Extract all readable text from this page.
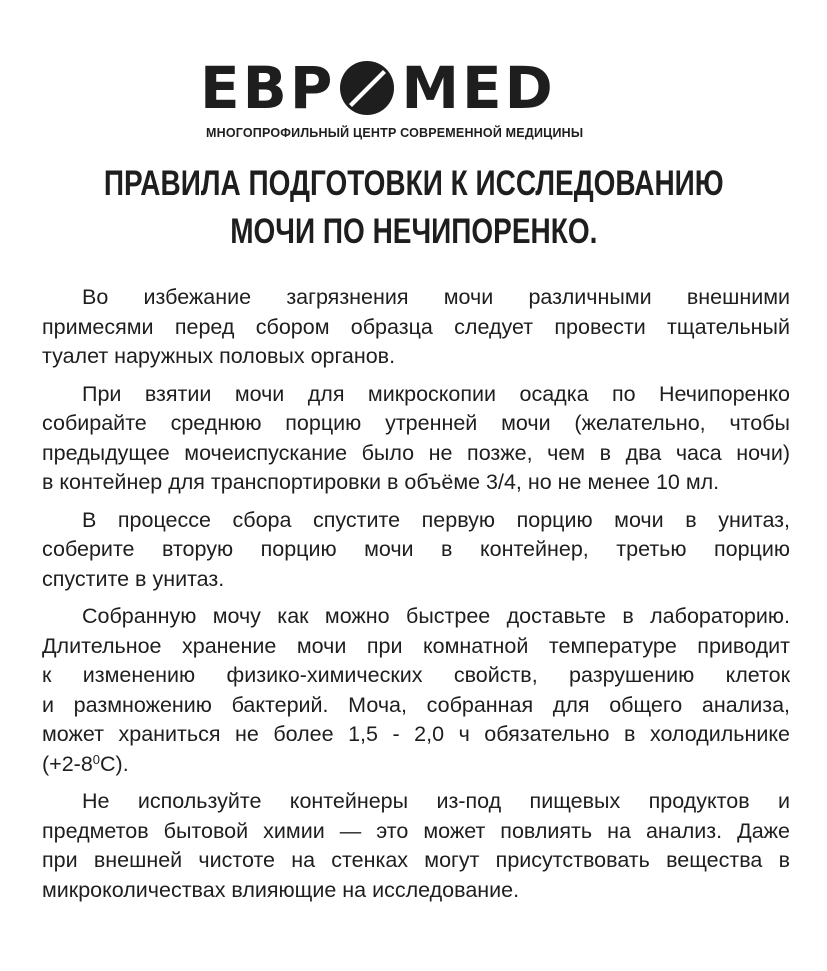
ЕВР MED
МНОГОПРОФИЛЬНЫЙ ЦЕНТР СОВРЕМЕННОЙ МЕДИЦИНЫ
ПРАВИЛА ПОДГОТОВКИ К ИССЛЕДОВАНИЮ
МОЧИ ПО НЕЧИПОРЕНКО.

Во избежание загрязнения мочи различными внешними
примесями перед сбором образца следует провести тщательный
туалет наружных половых органов.

При взятии мочи для микроскопии осадка по Нечипоренко
собирайте среднюю порцию утренней мочи (желательно, чтобы
предыдущее мочеиспускание было не позже, чем в два часа ночи)
в контейнер для транспортировки в объёме 3/4, но не менее 10 мл.

В процессе сбора спустите первую порцию мочи в унитаз,
соберите вторую порцию мочи в контейнер, третью порцию
спустите в унитаз.

Собранную мочу как можно быстрее доставьте в лабораторию.
Длительное хранение мочи при комнатной температуре приводит
к изменению физико-химических свойств, разрушению клеток
и размножению бактерий. Моча, собранная для общего анализа,
может храниться не более 1,5 - 2,0 ч обязательно в холодильнике
$(+2-8^0C)$.

Не используйте контейнеры из-под пищевых продуктов и
предметов бытовой химии — это может повлиять на анализ. Даже
при внешней чистоте на стенках могут присутствовать вещества в
микроколичествах влияющие на исследование.
